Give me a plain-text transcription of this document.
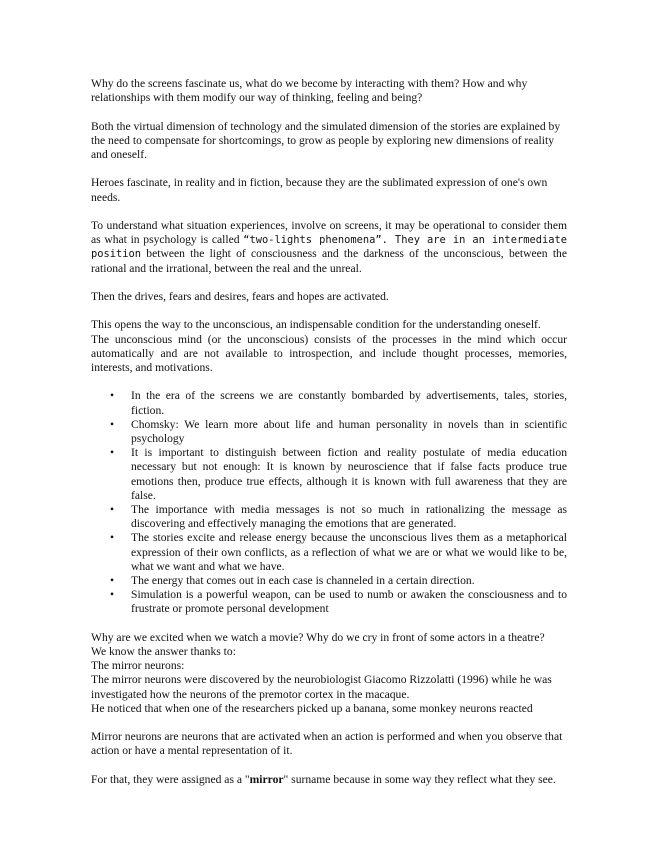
Why do the screens fascinate us, what do we become by interacting with them? How and why relationships with them modify our way of thinking, feeling and being?

Both the virtual dimension of technology and the simulated dimension of the stories are explained by the need to compensate for shortcomings, to grow as people by exploring new dimensions of reality and oneself.

Heroes fascinate, in reality and in fiction, because they are the sublimated expression of one's own needs.

To understand what situation experiences, involve on screens, it may be operational to consider them as what in psychology is called “two-lights phenomena”. They are in an intermediate position between the light of consciousness and the darkness of the unconscious, between the rational and the irrational, between the real and the unreal.

Then the drives, fears and desires, fears and hopes are activated.

This opens the way to the unconscious, an indispensable condition for the understanding oneself.

The unconscious mind (or the unconscious) consists of the processes in the mind which occur automatically and are not available to introspection, and include thought processes, memories, interests, and motivations.

• In the era of the screens we are constantly bombarded by advertisements, tales, stories, fiction.
• Chomsky: We learn more about life and human personality in novels than in scientific psychology
• It is important to distinguish between fiction and reality postulate of media education necessary but not enough: It is known by neuroscience that if false facts produce true emotions then, produce true effects, although it is known with full awareness that they are false.
• The importance with media messages is not so much in rationalizing the message as discovering and effectively managing the emotions that are generated.
• The stories excite and release energy because the unconscious lives them as a metaphorical expression of their own conflicts, as a reflection of what we are or what we would like to be, what we want and what we have.
• The energy that comes out in each case is channeled in a certain direction.
• Simulation is a powerful weapon, can be used to numb or awaken the consciousness and to frustrate or promote personal development

Why are we excited when we watch a movie? Why do we cry in front of some actors in a theatre?

We know the answer thanks to:

The mirror neurons:

The mirror neurons were discovered by the neurobiologist Giacomo Rizzolatti (1996) while he was investigated how the neurons of the premotor cortex in the macaque.

He noticed that when one of the researchers picked up a banana, some monkey neurons reacted

Mirror neurons are neurons that are activated when an action is performed and when you observe that action or have a mental representation of it.

For that, they were assigned as a "mirror" surname because in some way they reflect what they see.
